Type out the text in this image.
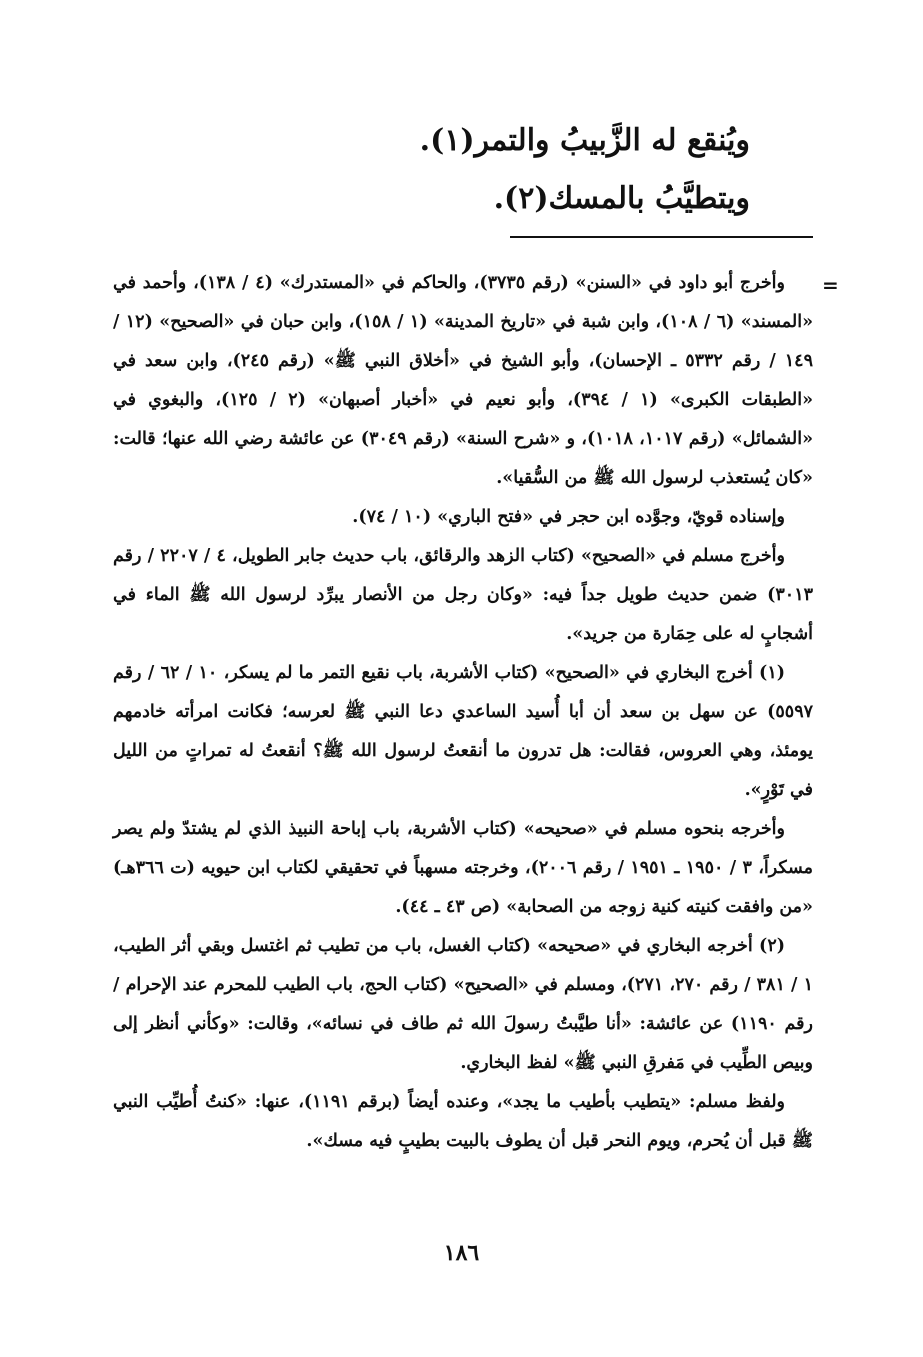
ويُنقع له الزَّبيبُ والتمر(١).

ويتطيَّبُ بالمسك(٢).

=

وأخرج أبو داود في «السنن» (رقم ٣٧٣٥)، والحاكم في «المستدرك» (٤ / ١٣٨)، وأحمد في «المسند» (٦ / ١٠٨)، وابن شبة في «تاريخ المدينة» (١ / ١٥٨)، وابن حبان في «الصحيح» (١٢ / ١٤٩ / رقم ٥٣٣٢ ـ الإحسان)، وأبو الشيخ في «أخلاق النبي ﷺ» (رقم ٢٤٥)، وابن سعد في «الطبقات الكبرى» (١ / ٣٩٤)، وأبو نعيم في «أخبار أصبهان» (٢ / ١٢٥)، والبغوي في «الشمائل» (رقم ١٠١٧، ١٠١٨)، و «شرح السنة» (رقم ٣٠٤٩) عن عائشة رضي الله عنها؛ قالت: «كان يُستعذب لرسول الله ﷺ من السُّقيا».

وإسناده قويّ، وجوَّده ابن حجر في «فتح الباري» (١٠ / ٧٤).

وأخرج مسلم في «الصحيح» (كتاب الزهد والرقائق، باب حديث جابر الطويل، ٤ / ٢٢٠٧ / رقم ٣٠١٣) ضمن حديث طويل جداً فيه: «وكان رجل من الأنصار يبرِّد لرسول الله ﷺ الماء في أشجابٍ له على حِمَارة من جريد».

(١) أخرج البخاري في «الصحيح» (كتاب الأشربة، باب نقيع التمر ما لم يسكر، ١٠ / ٦٢ / رقم ٥٥٩٧) عن سهل بن سعد أن أبا أُسيد الساعدي دعا النبي ﷺ لعرسه؛ فكانت امرأته خادمهم يومئذ، وهي العروس، فقالت: هل تدرون ما أنقعتُ لرسول الله ﷺ؟ أنقعتُ له تمراتٍ من الليل في تَوْرٍ».

وأخرجه بنحوه مسلم في «صحيحه» (كتاب الأشربة، باب إباحة النبيذ الذي لم يشتدّ ولم يصر مسكراً، ٣ / ١٩٥٠ ـ ١٩٥١ / رقم ٢٠٠٦)، وخرجته مسهباً في تحقيقي لكتاب ابن حيويه (ت ٣٦٦هـ) «من وافقت كنيته كنية زوجه من الصحابة» (ص ٤٣ ـ ٤٤).

(٢) أخرجه البخاري في «صحيحه» (كتاب الغسل، باب من تطيب ثم اغتسل وبقي أثر الطيب، ١ / ٣٨١ / رقم ٢٧٠، ٢٧١)، ومسلم في «الصحيح» (كتاب الحج، باب الطيب للمحرم عند الإحرام / رقم ١١٩٠) عن عائشة: «أنا طيَّبتُ رسولَ الله ثم طاف في نسائه»، وقالت: «وكأني أنظر إلى وبيص الطِّيب في مَفرقِ النبي ﷺ» لفظ البخاري.

ولفظ مسلم: «يتطيب بأطيب ما يجد»، وعنده أيضاً (برقم ١١٩١)، عنها: «كنتُ أُطيِّب النبي ﷺ قبل أن يُحرم، ويوم النحر قبل أن يطوف بالبيت بطيبٍ فيه مسك».

١٨٦
